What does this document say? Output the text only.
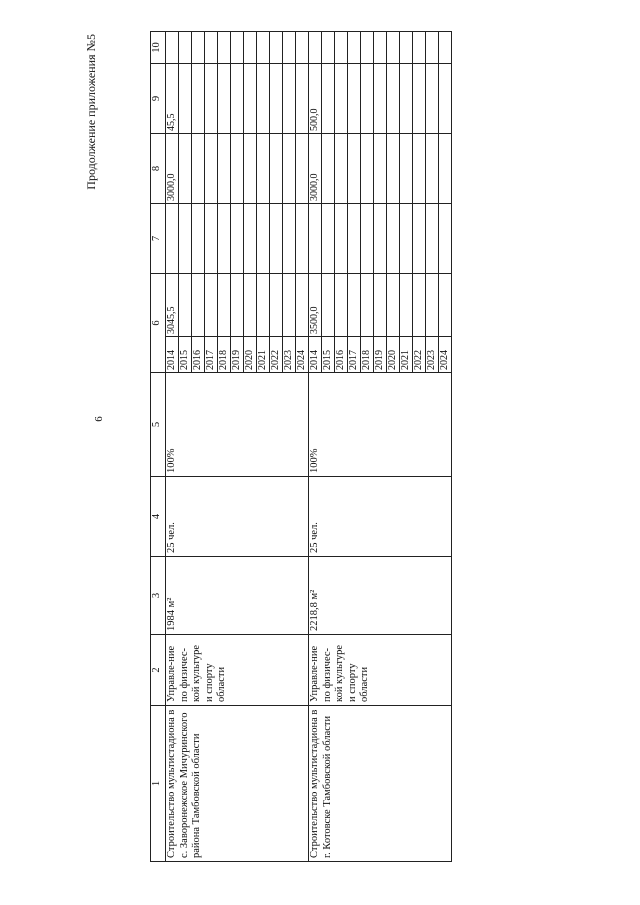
6
Продолжение приложения №5
1	2	3	4	5	6		7	8	9	10
Строительство мультистадиона в с. Заворонежское Мичуринского района Тамбовской области	Управле-ние по физичес-кой культуре и спорту области	1984 м²	25 чел.	100%	2014	3045,5		3000,0	45,5	
					2015					
					2016					
					2017					
					2018					
					2019					
					2020					
					2021					
					2022					
					2023					
					2024					
Строительство мультистадиона в г. Котовске Тамбовской области	Управле-ние по физичес-кой культуре и спорту области	2218,8 м²	25 чел.	100%	2014	3500,0		3000,0	500,0	
					2015					
					2016					
					2017					
					2018					
					2019					
					2020					
					2021					
					2022					
					2023					
					2024					
